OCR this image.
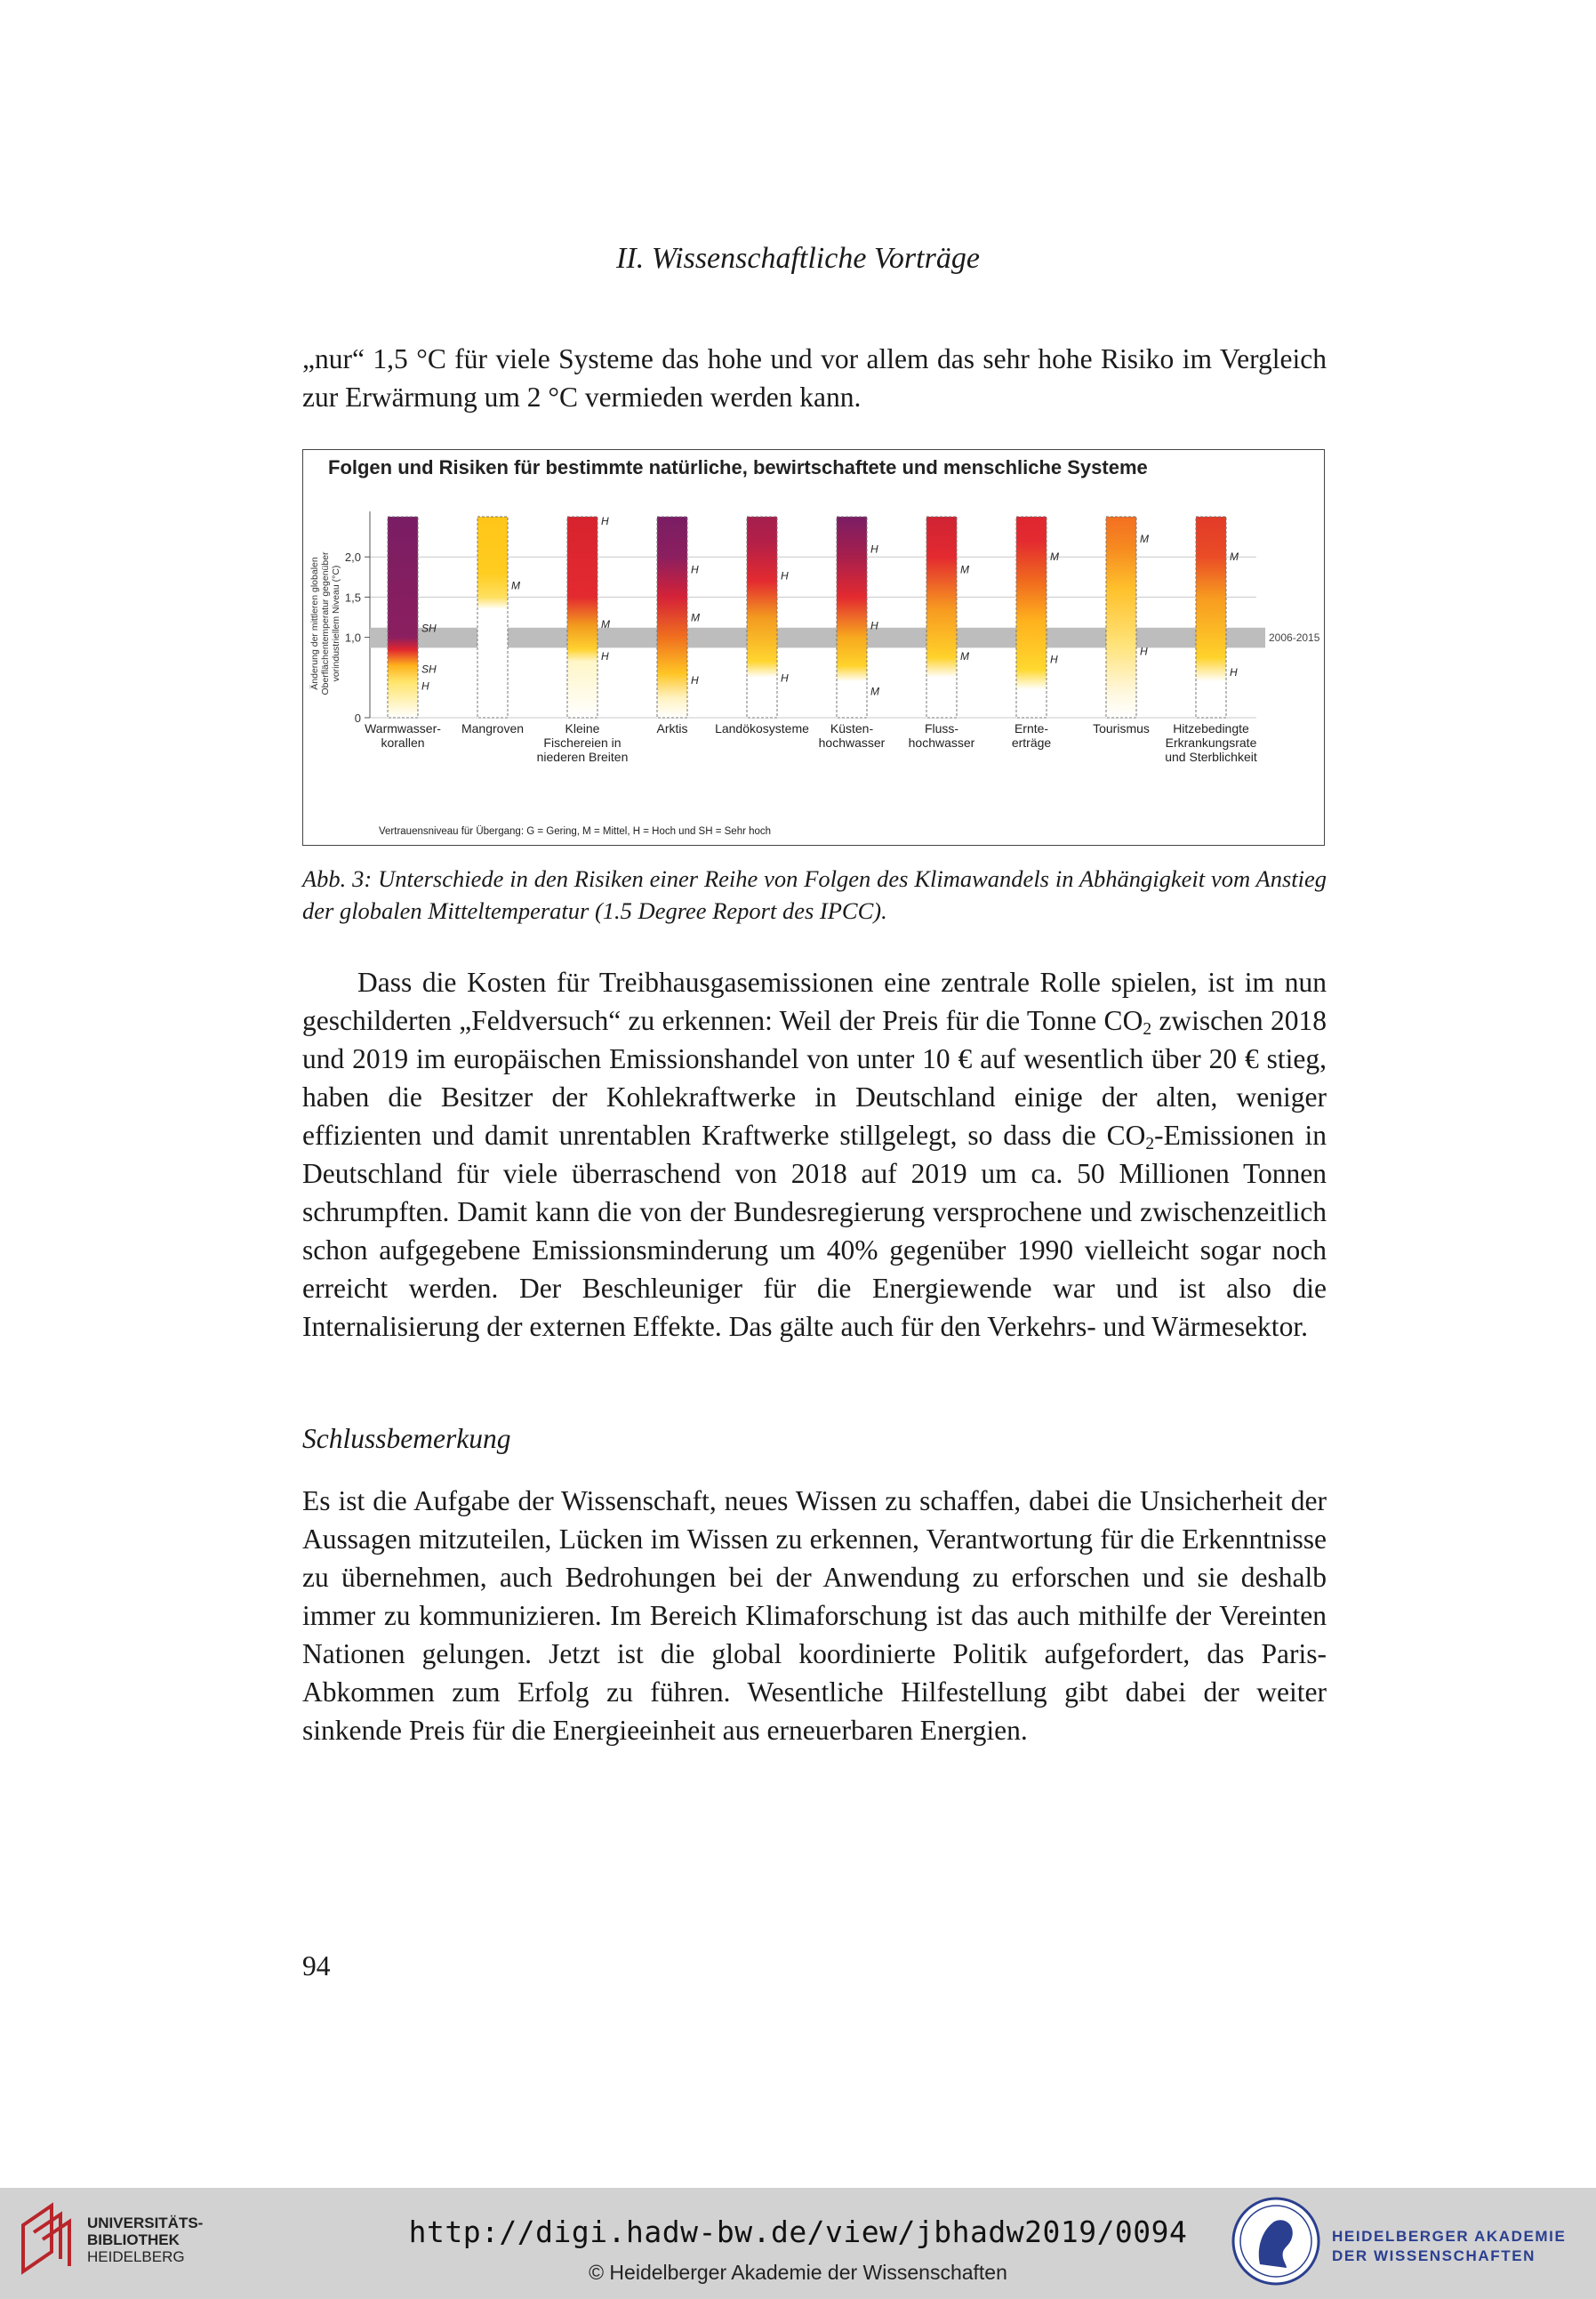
II. Wissenschaftliche Vorträge

„nur“ 1,5 °C für viele Systeme das hohe und vor allem das sehr hohe Risiko im Vergleich zur Erwärmung um 2 °C vermieden werden kann.

Folgen und Risiken für bestimmte natürliche, bewirtschaftete und menschliche Systeme
Änderung der mittleren globalen Oberflächentemperatur gegenüber vorindustriellem Niveau (°C)
0
1,0
1,5
2,0
2006-2015
SH
SH
H
Warmwasser-
korallen
M
Mangroven
H
M
H
Kleine
Fischereien in
niederen Breiten
H
M
H
Arktis
H
H
Landökosysteme
H
H
M
Küsten-
hochwasser
M
M
Fluss-
hochwasser
M
H
Ernte-
erträge
M
H
Tourismus
M
H
Hitzebedingte
Erkrankungsrate
und Sterblichkeit
Vertrauensniveau für Übergang: G = Gering, M = Mittel, H = Hoch und SH = Sehr hoch
Abb. 3: Unterschiede in den Risiken einer Reihe von Folgen des Klimawandels in Abhängigkeit vom Anstieg der globalen Mitteltemperatur (1.5 Degree Report des IPCC).

Dass die Kosten für Treibhausgasemissionen eine zentrale Rolle spielen, ist im nun geschilderten „Feldversuch“ zu erkennen: Weil der Preis für die Tonne $CO_2$ zwischen 2018 und 2019 im europäischen Emissionshandel von unter 10 € auf wesentlich über 20 € stieg, haben die Besitzer der Kohlekraftwerke in Deutschland einige der alten, weniger effizienten und damit unrentablen Kraftwerke stillgelegt, so dass die $CO_2$-Emissionen in Deutschland für viele überraschend von 2018 auf 2019 um ca. 50 Millionen Tonnen schrumpften. Damit kann die von der Bundesregierung versprochene und zwischenzeitlich schon aufgegebene Emissionsminderung um 40% gegenüber 1990 vielleicht sogar noch erreicht werden. Der Beschleuniger für die Energiewende war und ist also die Internalisierung der externen Effekte. Das gälte auch für den Verkehrs- und Wärmesektor.

Schlussbemerkung

Es ist die Aufgabe der Wissenschaft, neues Wissen zu schaffen, dabei die Unsicherheit der Aussagen mitzuteilen, Lücken im Wissen zu erkennen, Verantwortung für die Erkenntnisse zu übernehmen, auch Bedrohungen bei der Anwendung zu erforschen und sie deshalb immer zu kommunizieren. Im Bereich Klimaforschung ist das auch mithilfe der Vereinten Nationen gelungen. Jetzt ist die global koordinierte Politik aufgefordert, das Paris-Abkommen zum Erfolg zu führen. Wesentliche Hilfestellung gibt dabei der weiter sinkende Preis für die Energieeinheit aus erneuerbaren Energien.

94
UNIVERSITÄTS-
BIBLIOTHEK
HEIDELBERG
http://digi.hadw-bw.de/view/jbhadw2019/0094
© Heidelberger Akademie der Wissenschaften
HEIDELBERGER AKADEMIE
DER WISSENSCHAFTEN
